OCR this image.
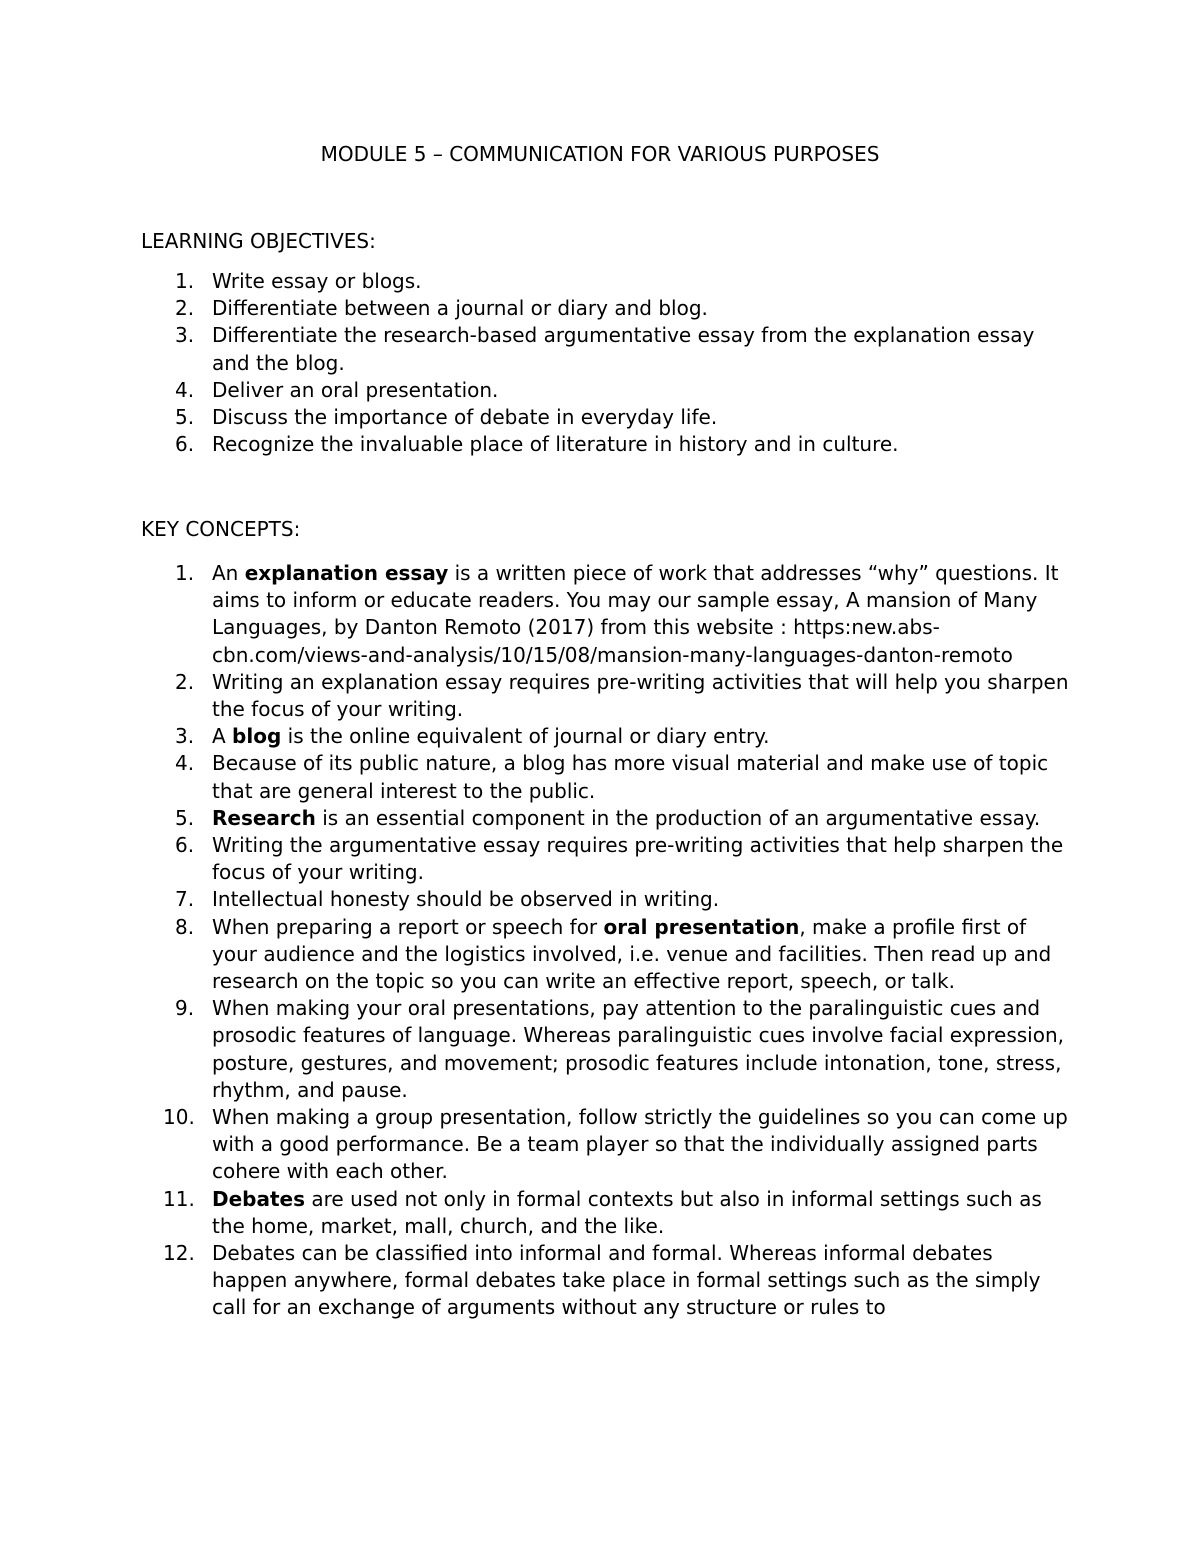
MODULE 5 – COMMUNICATION FOR VARIOUS PURPOSES
LEARNING OBJECTIVES:
1. Write essay or blogs.
2. Differentiate between a journal or diary and blog.
3. Differentiate the research-based argumentative essay from the explanation essay and the blog.
4. Deliver an oral presentation.
5. Discuss the importance of debate in everyday life.
6. Recognize the invaluable place of literature in history and in culture.
KEY CONCEPTS:
1. An explanation essay is a written piece of work that addresses “why” questions. It aims to inform or educate readers. You may our sample essay, A mansion of Many Languages, by Danton Remoto (2017) from this website : https:new.abs-cbn.com/views-and-analysis/10/15/08/mansion-many-languages-danton-remoto
2. Writing an explanation essay requires pre-writing activities that will help you sharpen the focus of your writing.
3. A blog is the online equivalent of journal or diary entry.
4. Because of its public nature, a blog has more visual material and make use of topic that are general interest to the public.
5. Research is an essential component in the production of an argumentative essay.
6. Writing the argumentative essay requires pre-writing activities that help sharpen the focus of your writing.
7. Intellectual honesty should be observed in writing.
8. When preparing a report or speech for oral presentation, make a profile first of your audience and the logistics involved, i.e. venue and facilities. Then read up and research on the topic so you can write an effective report, speech, or talk.
9. When making your oral presentations, pay attention to the paralinguistic cues and prosodic features of language. Whereas paralinguistic cues involve facial expression, posture, gestures, and movement; prosodic features include intonation, tone, stress, rhythm, and pause.
10. When making a group presentation, follow strictly the guidelines so you can come up with a good performance. Be a team player so that the individually assigned parts cohere with each other.
11. Debates are used not only in formal contexts but also in informal settings such as the home, market, mall, church, and the like.
12. Debates can be classified into informal and formal. Whereas informal debates happen anywhere, formal debates take place in formal settings such as the simply call for an exchange of arguments without any structure or rules to
